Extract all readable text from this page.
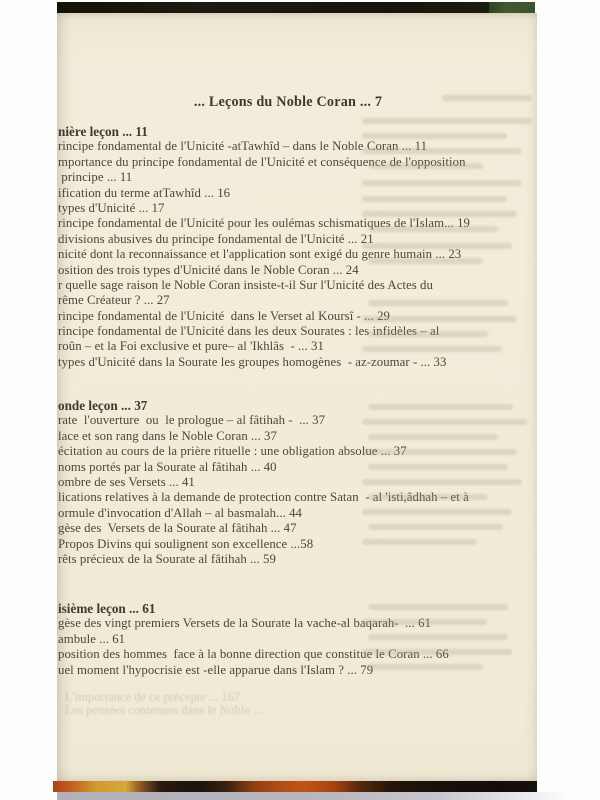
... Leçons du Noble Coran ... 7
nière leçon ... 11
rincipe fondamental de l'Unicité -atTawhîd – dans le Noble Coran ... 11
mportance du principe fondamental de l'Unicité et conséquence de l'opposition
principe ... 11
ification du terme atTawhîd ... 16
types d'Unicité ... 17
rincipe fondamental de l'Unicité pour les oulémas schismatiques de l'Islam... 19
divisions abusives du principe fondamental de l'Unicité ... 21
nicité dont la reconnaissance et l'application sont exigé du genre humain ... 23
osition des trois types d'Unicité dans le Noble Coran ... 24
r quelle sage raison le Noble Coran insiste-t-il Sur l'Unicité des Actes du
rême Créateur ? ... 27
rincipe fondamental de l'Unicité  dans le Verset al Koursî - ... 29
rincipe fondamental de l'Unicité dans les deux Sourates : les infidèles – al
roûn – et la Foi exclusive et pure– al 'Ikhlâs  - ... 31
types d'Unicité dans la Sourate les groupes homogènes  - az-zoumar - ... 33
onde leçon ... 37
rate  l'ouverture  ou  le prologue – al fâtihah -  ... 37
lace et son rang dans le Noble Coran ... 37
écitation au cours de la prière rituelle : une obligation absolue ... 37
noms portés par la Sourate al fâtihah ... 40
ombre de ses Versets ... 41
lications relatives à la demande de protection contre Satan  - al 'isti,âdhah – et à
ormule d'invocation d'Allah – al basmalah... 44
gèse des  Versets de la Sourate al fâtihah ... 47
Propos Divins qui soulignent son excellence ...58
rêts précieux de la Sourate al fâtihah ... 59
isième leçon ... 61
gèse des vingt premiers Versets de la Sourate la vache-al baqarah-  ... 61
ambule ... 61
position des hommes  face à la bonne direction que constitue le Coran ... 66
uel moment l'hypocrisie est -elle apparue dans l'Islam ? ... 79
L'importance de ce précepte ... 167
Les pensées contenues dans le Noble ...
